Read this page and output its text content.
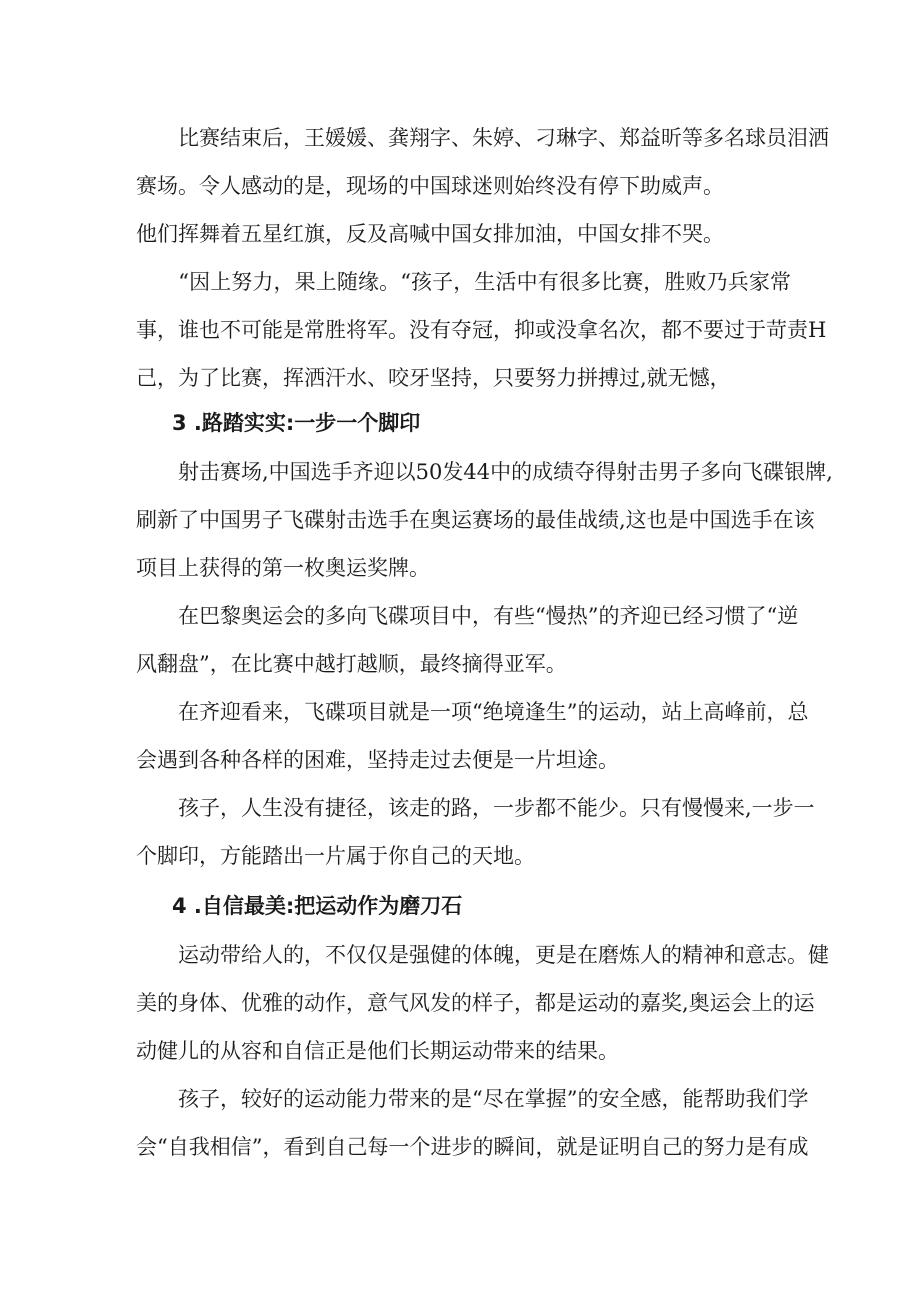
　　比赛结束后，王媛媛、龚翔字、朱婷、刁琳字、郑益昕等多名球员泪洒
赛场。令人感动的是，现场的中国球迷则始终没有停下助威声。

他们挥舞着五星红旗，反及高喊中国女排加油，中国女排不哭。

　　“因上努力，果上随缘。“孩子，生活中有很多比赛，胜败乃兵家常
事，谁也不可能是常胜将军。没有夺冠，抑或没拿名次，都不要过于苛责H
己，为了比赛，挥洒汗水、咬牙坚持，只要努力拼搏过,就无憾，

3 .路踏实实:一步一个脚印

　　射击赛场,中国选手齐迎以50发44中的成绩夺得射击男子多向飞碟银牌,
刷新了中国男子飞碟射击选手在奥运赛场的最佳战绩,这也是中国选手在该
项目上获得的第一枚奥运奖牌。

　　在巴黎奥运会的多向飞碟项目中，有些“慢热”的齐迎已经习惯了“逆
风翻盘”，在比赛中越打越顺，最终摘得亚军。

　　在齐迎看来，飞碟项目就是一项“绝境逢生”的运动，站上高峰前，总
会遇到各种各样的困难，坚持走过去便是一片坦途。

　　孩子，人生没有捷径，该走的路，一步都不能少。只有慢慢来,一步一
个脚印，方能踏出一片属于你自己的天地。

4 .自信最美:把运动作为磨刀石

　　运动带给人的，不仅仅是强健的体魄，更是在磨炼人的精神和意志。健
美的身体、优雅的动作，意气风发的样子，都是运动的嘉奖,奥运会上的运
动健儿的从容和自信正是他们长期运动带来的结果。

　　孩子，较好的运动能力带来的是“尽在掌握”的安全感，能帮助我们学
会“自我相信”，看到自己每一个进步的瞬间，就是证明自己的努力是有成
